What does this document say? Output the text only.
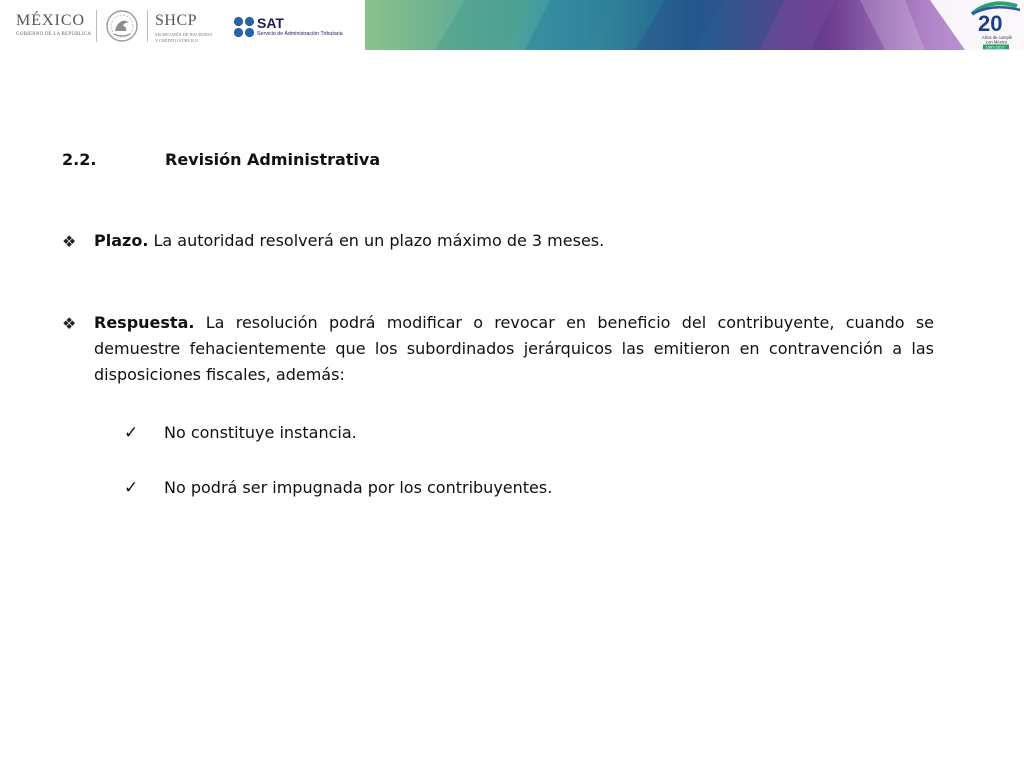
MÉXICO
GOBIERNO DE LA REPÚBLICA
SHCP
SECRETARÍA DE HACIENDA
Y CRÉDITO PÚBLICO
SAT
Servicio de Administración Tributaria	20
Años de cumplir
con México
1997-2017
2.2.	Revisión Administrativa
❖ Plazo. La autoridad resolverá en un plazo máximo de 3 meses.
❖ Respuesta. La resolución podrá modificar o revocar en beneficio del contribuyente, cuando se demuestre fehacientemente que los subordinados jerárquicos las emitieron en contravención a las disposiciones fiscales, además:
✓ No constituye instancia.
✓ No podrá ser impugnada por los contribuyentes.
